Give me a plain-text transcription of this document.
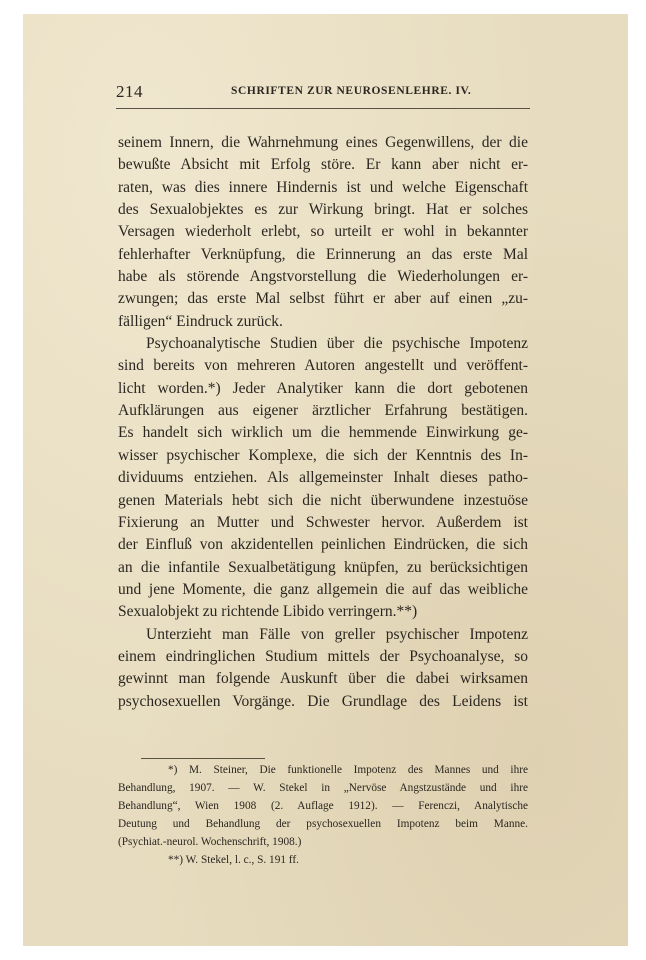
214	SCHRIFTEN ZUR NEUROSENLEHRE. IV.
seinem Innern, die Wahrnehmung eines Gegenwillens, der die
bewußte Absicht mit Erfolg störe. Er kann aber nicht er-
raten, was dies innere Hindernis ist und welche Eigenschaft
des Sexualobjektes es zur Wirkung bringt. Hat er solches
Versagen wiederholt erlebt, so urteilt er wohl in bekannter
fehlerhafter Verknüpfung, die Erinnerung an das erste Mal
habe als störende Angstvorstellung die Wiederholungen er-
zwungen; das erste Mal selbst führt er aber auf einen „zu-
fälligen“ Eindruck zurück.
Psychoanalytische Studien über die psychische Impotenz
sind bereits von mehreren Autoren angestellt und veröffent-
licht worden.*) Jeder Analytiker kann die dort gebotenen
Aufklärungen aus eigener ärztlicher Erfahrung bestätigen.
Es handelt sich wirklich um die hemmende Einwirkung ge-
wisser psychischer Komplexe, die sich der Kenntnis des In-
dividuums entziehen. Als allgemeinster Inhalt dieses patho-
genen Materials hebt sich die nicht überwundene inzestuöse
Fixierung an Mutter und Schwester hervor. Außerdem ist
der Einfluß von akzidentellen peinlichen Eindrücken, die sich
an die infantile Sexualbetätigung knüpfen, zu berücksichtigen
und jene Momente, die ganz allgemein die auf das weibliche
Sexualobjekt zu richtende Libido verringern.**)
Unterzieht man Fälle von greller psychischer Impotenz
einem eindringlichen Studium mittels der Psychoanalyse, so
gewinnt man folgende Auskunft über die dabei wirksamen
psychosexuellen Vorgänge. Die Grundlage des Leidens ist
*) M. Steiner, Die funktionelle Impotenz des Mannes und ihre
Behandlung, 1907. — W. Stekel in „Nervöse Angstzustände und ihre
Behandlung“, Wien 1908 (2. Auflage 1912). — Ferenczi, Analytische
Deutung und Behandlung der psychosexuellen Impotenz beim Manne.
(Psychiat.-neurol. Wochenschrift, 1908.)
**) W. Stekel, l. c., S. 191 ff.
